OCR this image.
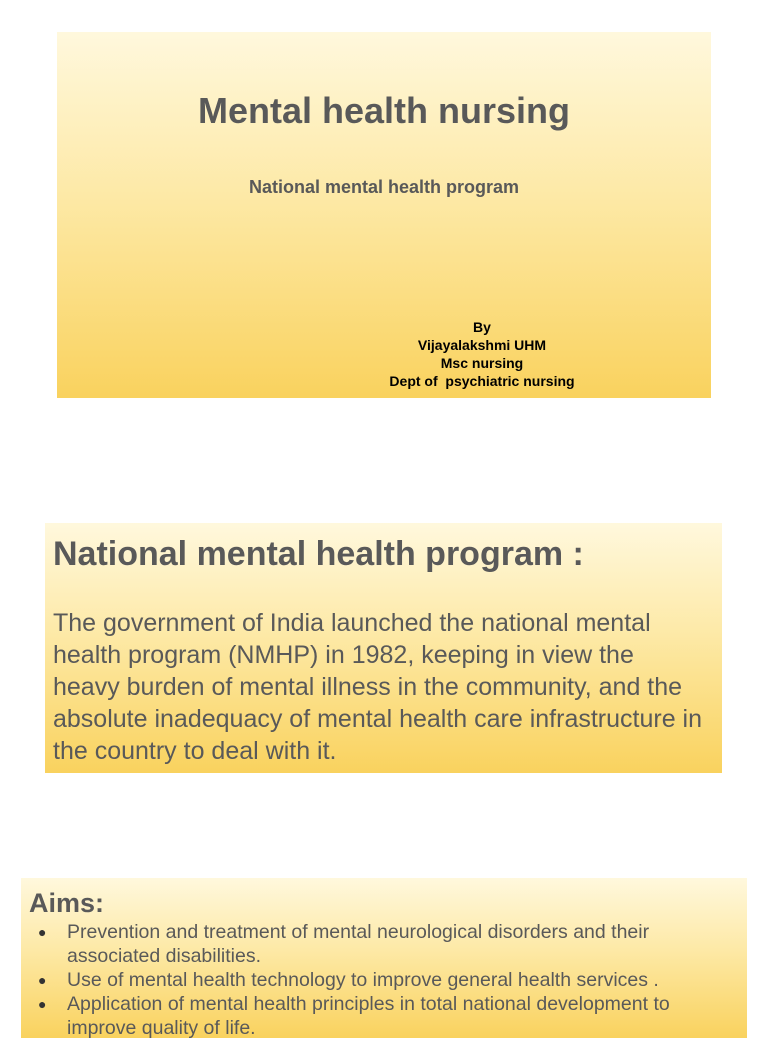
Mental health nursing
National mental health program
By
Vijayalakshmi UHM
Msc nursing
Dept of  psychiatric nursing
National mental health program :
The government of India launched the national mental health program (NMHP) in 1982, keeping in view the heavy burden of mental illness in the community, and the absolute inadequacy of mental health care infrastructure in the country to deal with it.
Aims:
● Prevention and treatment of mental neurological disorders and their associated disabilities.
● Use of mental health technology to improve general health services .
● Application of mental health principles in total national development to improve quality of life.
